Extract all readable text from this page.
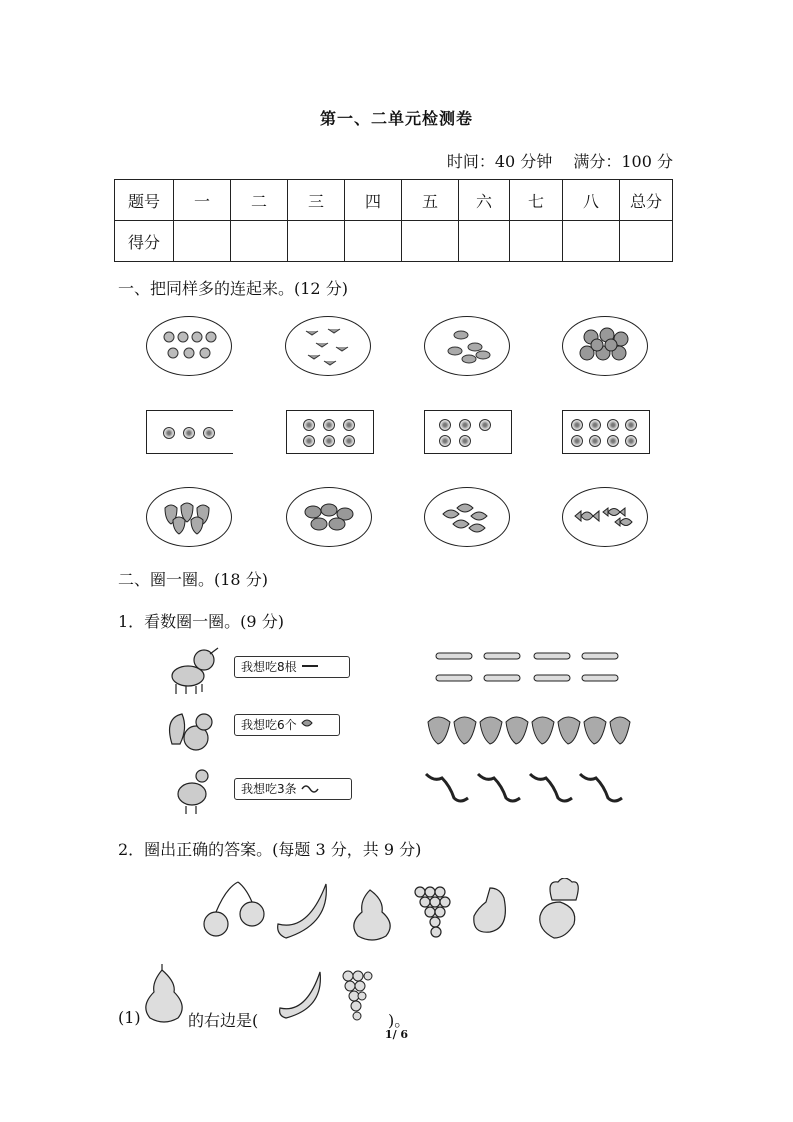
第一、二单元检测卷
时间：40 分钟 满分：100 分
题号	一	二	三	四	五	六	七	八	总分
得分									
一、把同样多的连起来。(12 分)
二、圈一圈。(18 分)
1．看数圈一圈。(9 分)
我想吃8根
我想吃6个
我想吃3条
2．圈出正确的答案。(每题 3 分，共 9 分)
(1)	的右边是(	)。
1/ 6
